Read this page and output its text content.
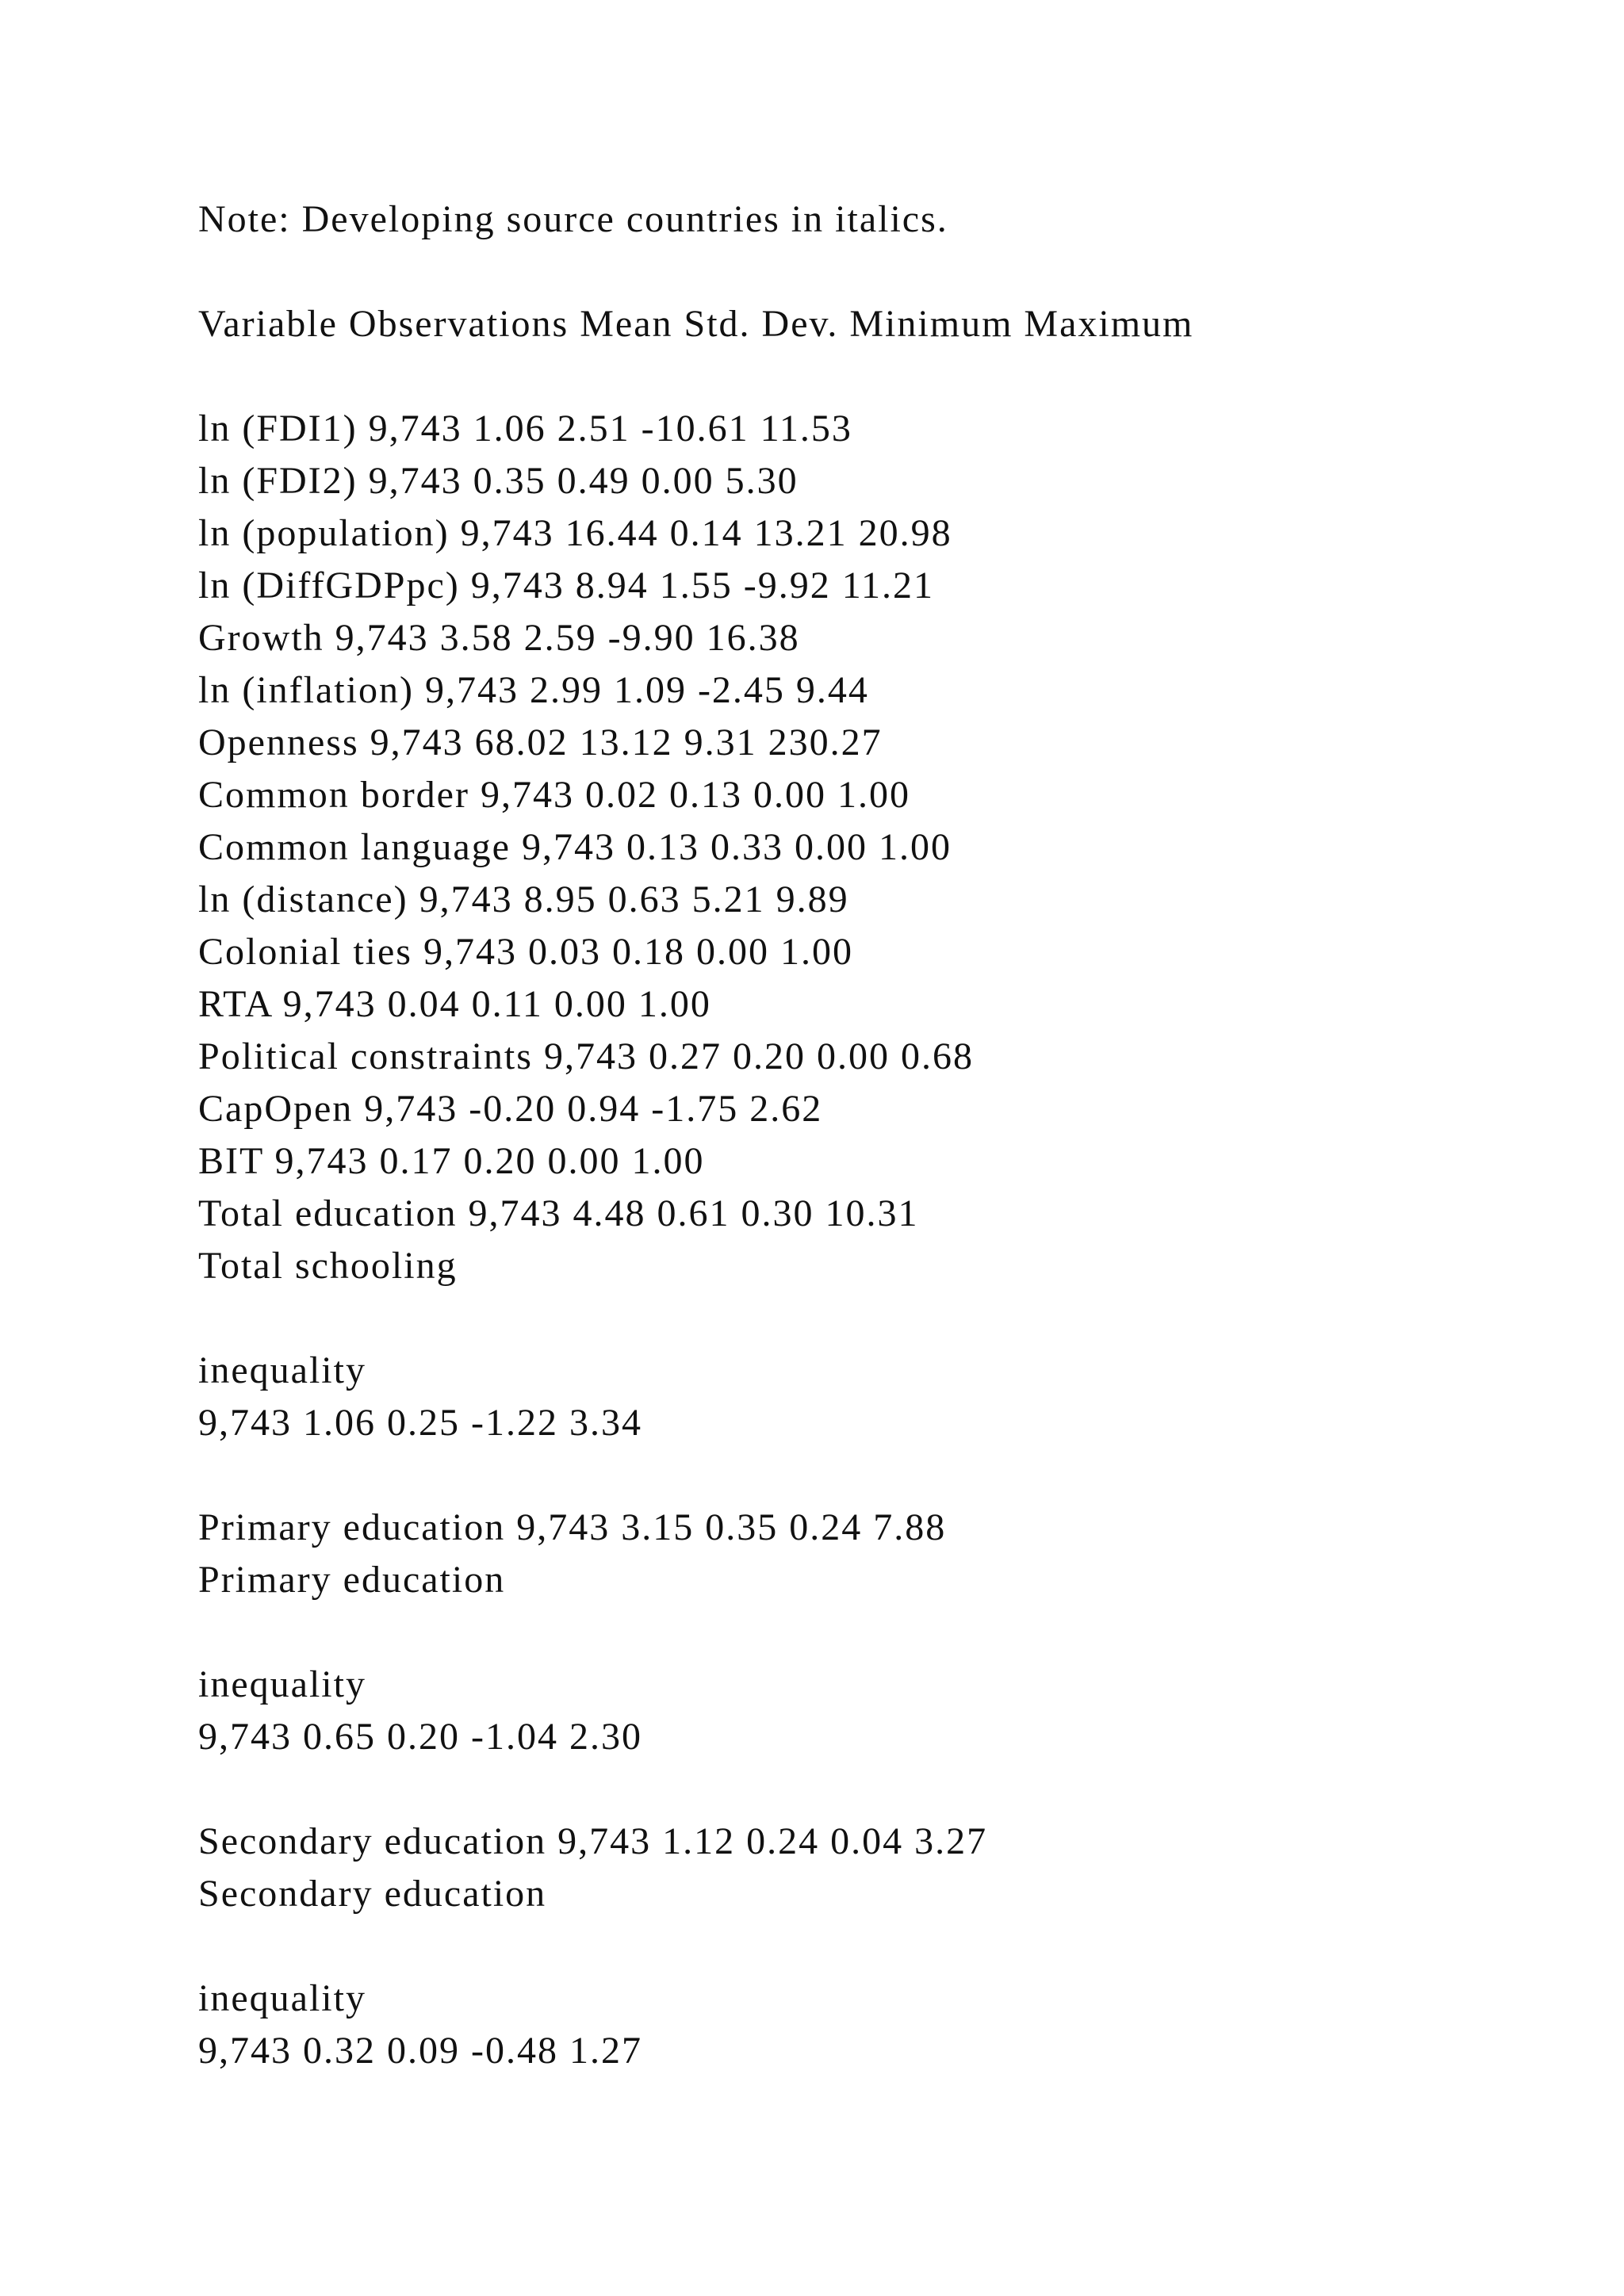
Note: Developing source countries in italics.
Variable Observations Mean Std. Dev. Minimum Maximum
ln (FDI1) 9,743 1.06 2.51 -10.61 11.53
ln (FDI2) 9,743 0.35 0.49 0.00 5.30
ln (population) 9,743 16.44 0.14 13.21 20.98
ln (DiffGDPpc) 9,743 8.94 1.55 -9.92 11.21
Growth 9,743 3.58 2.59 -9.90 16.38
ln (inflation) 9,743 2.99 1.09 -2.45 9.44
Openness 9,743 68.02 13.12 9.31 230.27
Common border 9,743 0.02 0.13 0.00 1.00
Common language 9,743 0.13 0.33 0.00 1.00
ln (distance) 9,743 8.95 0.63 5.21 9.89
Colonial ties 9,743 0.03 0.18 0.00 1.00
RTA 9,743 0.04 0.11 0.00 1.00
Political constraints 9,743 0.27 0.20 0.00 0.68
CapOpen 9,743 -0.20 0.94 -1.75 2.62
BIT 9,743 0.17 0.20 0.00 1.00
Total education 9,743 4.48 0.61 0.30 10.31
Total schooling
inequality
9,743 1.06 0.25 -1.22 3.34
Primary education 9,743 3.15 0.35 0.24 7.88
Primary education
inequality
9,743 0.65 0.20 -1.04 2.30
Secondary education 9,743 1.12 0.24 0.04 3.27
Secondary education
inequality
9,743 0.32 0.09 -0.48 1.27
